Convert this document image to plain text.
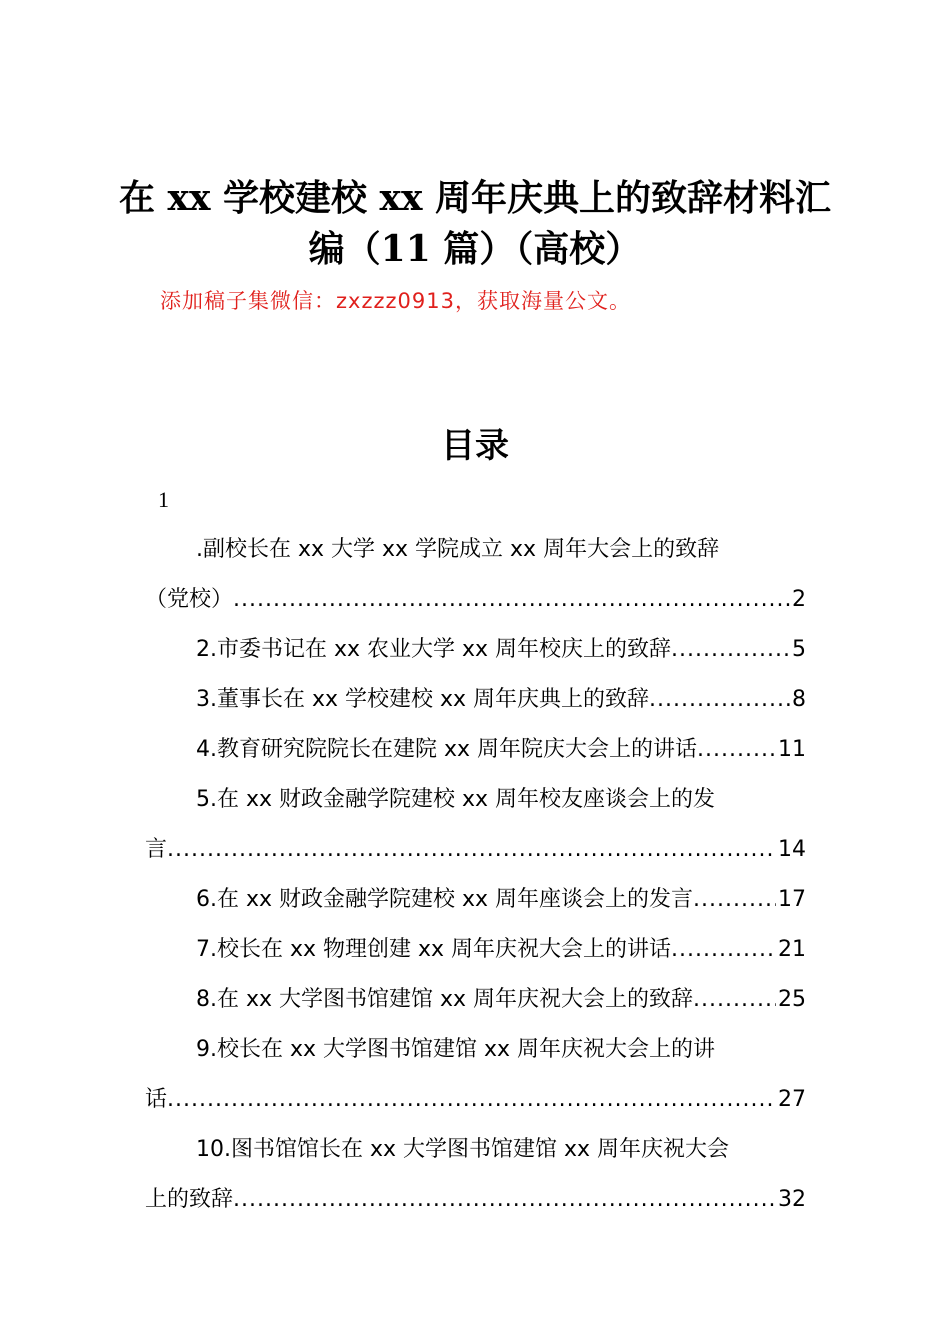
在 xx 学校建校 xx 周年庆典上的致辞材料汇
编（11 篇）（高校）
添加稿子集微信：zxzzz0913，获取海量公文。
目录
1
.副校长在 xx 大学 xx 学院成立 xx 周年大会上的致辞
（党校） .....	2
2.市委书记在 xx 农业大学 xx 周年校庆上的致辞 .....	5
3.董事长在 xx 学校建校 xx 周年庆典上的致辞 .....	8
4.教育研究院院长在建院 xx 周年院庆大会上的讲话 .....	11
5.在 xx 财政金融学院建校 xx 周年校友座谈会上的发
言 .....	14
6.在 xx 财政金融学院建校 xx 周年座谈会上的发言 .....	17
7.校长在 xx 物理创建 xx 周年庆祝大会上的讲话 .....	21
8.在 xx 大学图书馆建馆 xx 周年庆祝大会上的致辞 .....	25
9.校长在 xx 大学图书馆建馆 xx 周年庆祝大会上的讲
话 .....	27
10.图书馆馆长在 xx 大学图书馆建馆 xx 周年庆祝大会
上的致辞 .....	32
